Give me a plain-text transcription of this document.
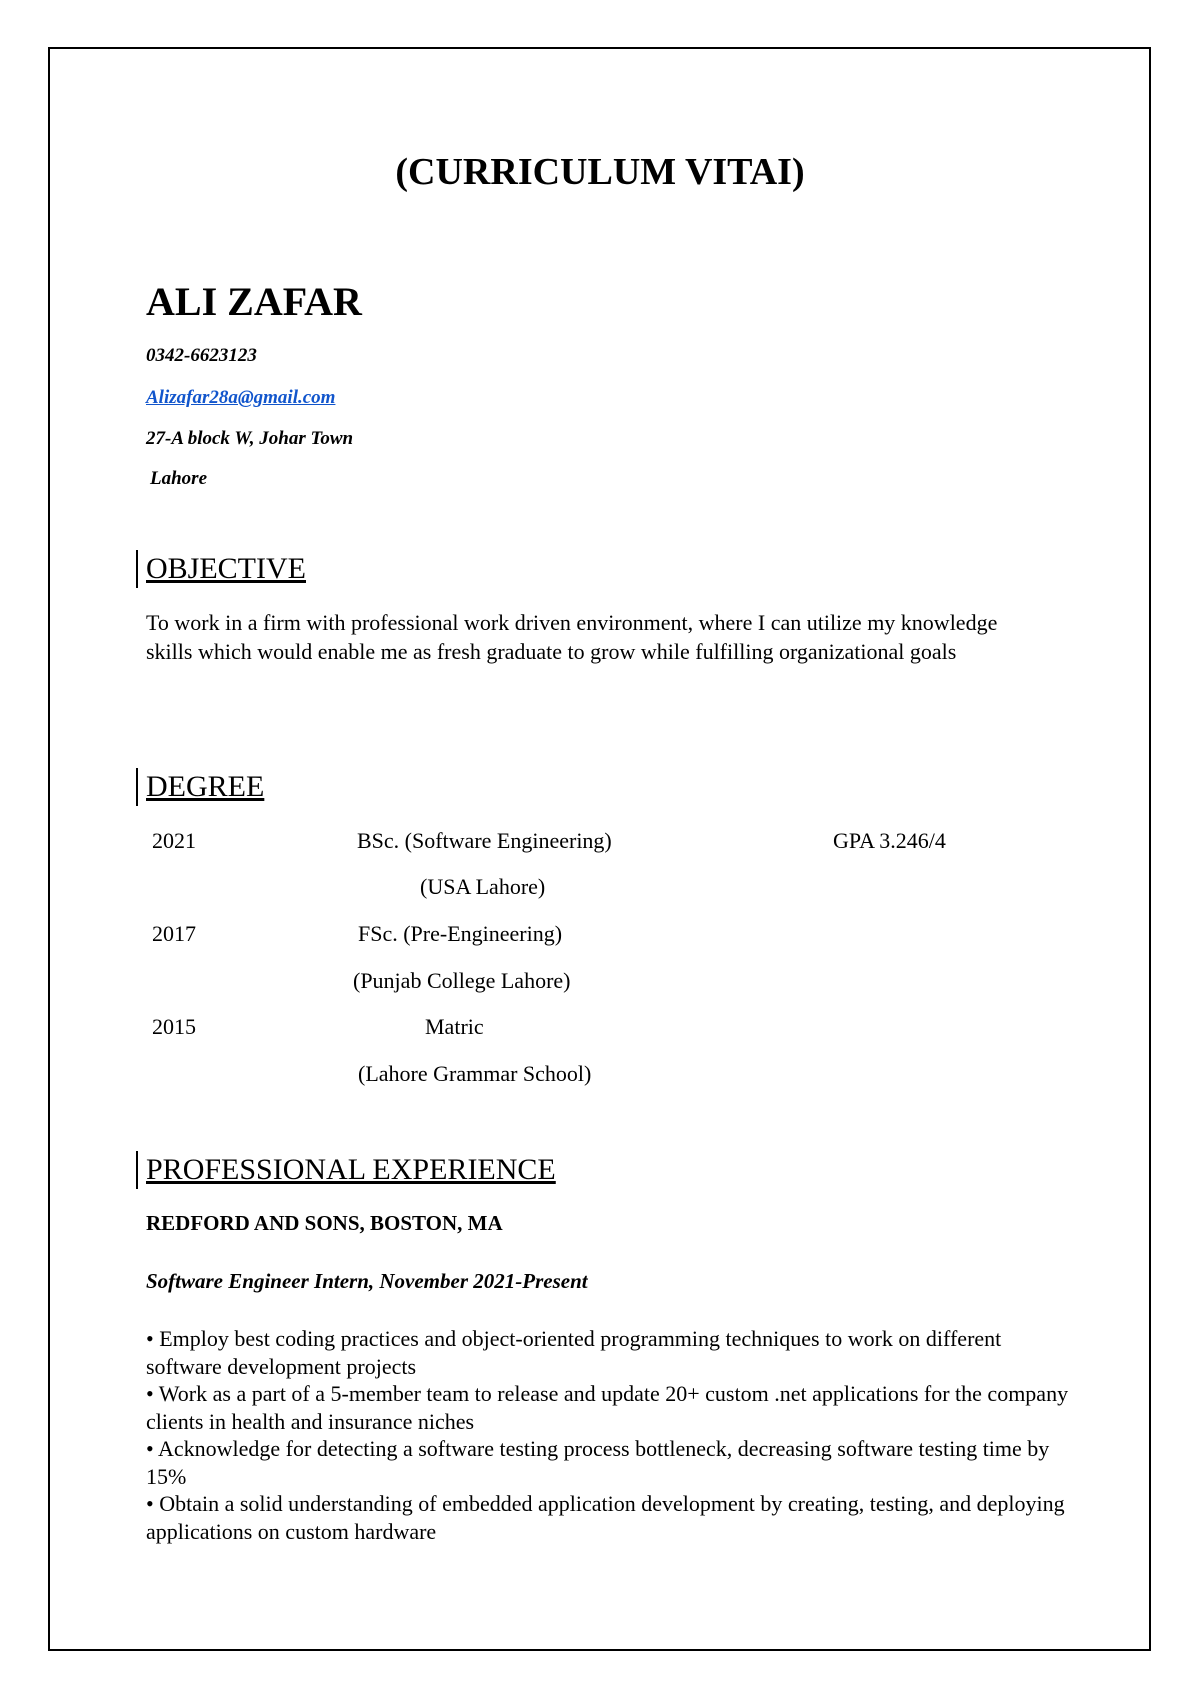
(CURRICULUM VITAI)
ALI ZAFAR
0342-6623123
Alizafar28a@gmail.com
27-A block W, Johar Town
Lahore
OBJECTIVE
To work in a firm with professional work driven environment, where I can utilize my knowledge skills which would enable me as fresh graduate to grow while fulfilling organizational goals
DEGREE
2021	BSc. (Software Engineering)	GPA 3.246/4
(USA Lahore)
2017	FSc. (Pre-Engineering)
(Punjab College Lahore)
2015	Matric
(Lahore Grammar School)
PROFESSIONAL EXPERIENCE
REDFORD AND SONS, BOSTON, MA
Software Engineer Intern, November 2021-Present

• Employ best coding practices and object-oriented programming techniques to work on different software development projects

• Work as a part of a 5-member team to release and update 20+ custom .net applications for the company clients in health and insurance niches

• Acknowledge for detecting a software testing process bottleneck, decreasing software testing time by 15%

• Obtain a solid understanding of embedded application development by creating, testing, and deploying applications on custom hardware
